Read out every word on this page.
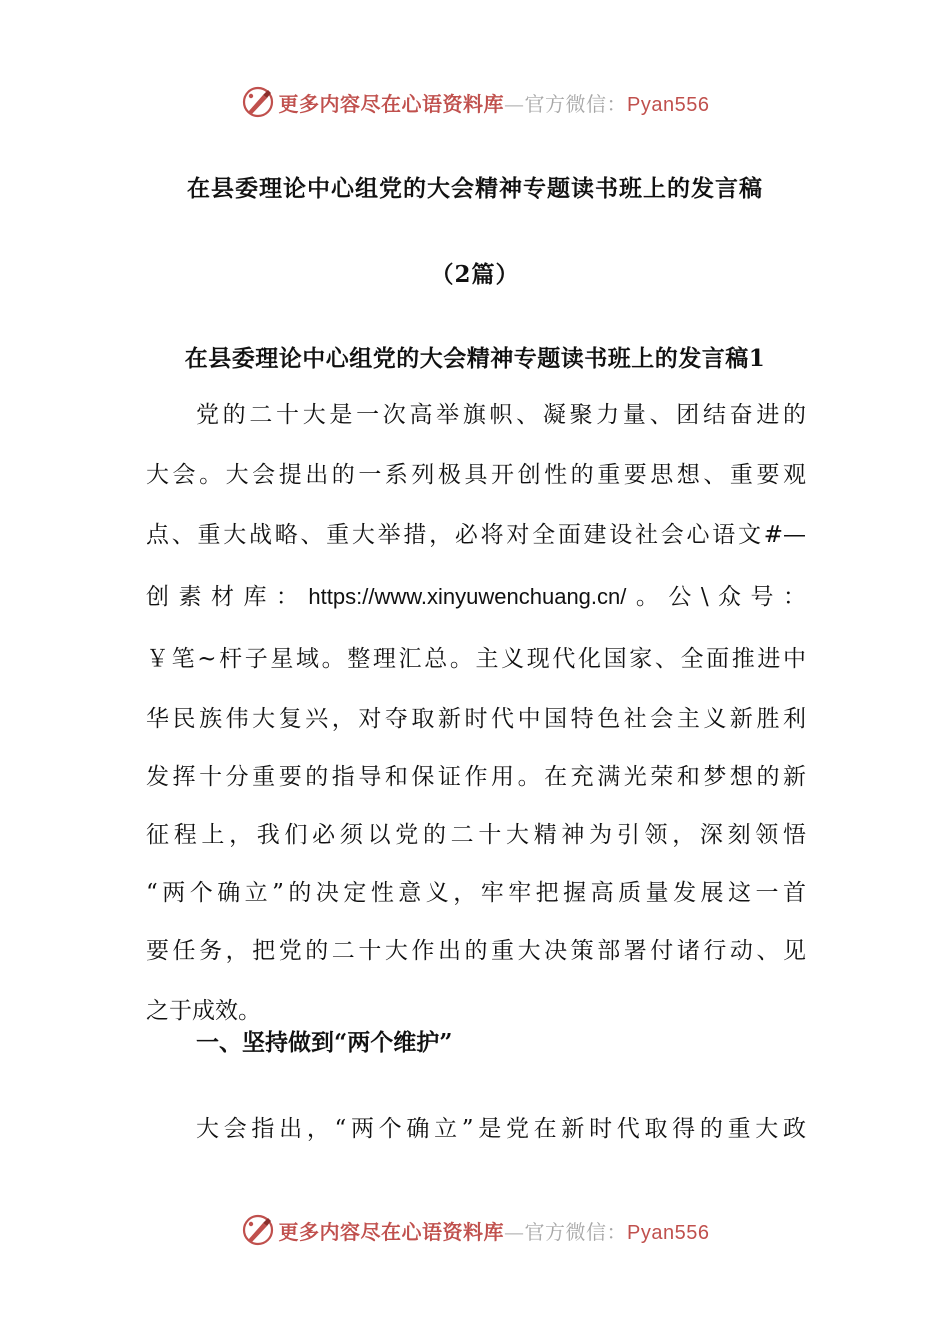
更多内容尽在心语资料库—官方微信：Pyan556
在县委理论中心组党的大会精神专题读书班上的发言稿
（2篇）
在县委理论中心组党的大会精神专题读书班上的发言稿1
党的二十大是一次高举旗帜、凝聚力量、团结奋进的
大会。大会提出的一系列极具开创性的重要思想、重要观
点、重大战略、重大举措，必将对全面建设社会心语文#—
创素材库：https://www.xinyuwenchuang.cn/。公\众号：
￥笔~杆子星域。整理汇总。主义现代化国家、全面推进中
华民族伟大复兴，对夺取新时代中国特色社会主义新胜利
发挥十分重要的指导和保证作用。在充满光荣和梦想的新
征程上，我们必须以党的二十大精神为引领，深刻领悟
“两个确立”的决定性意义，牢牢把握高质量发展这一首
要任务，把党的二十大作出的重大决策部署付诸行动、见
之于成效。
一、坚持做到“两个维护”
大会指出，“两个确立”是党在新时代取得的重大政
更多内容尽在心语资料库—官方微信：Pyan556
